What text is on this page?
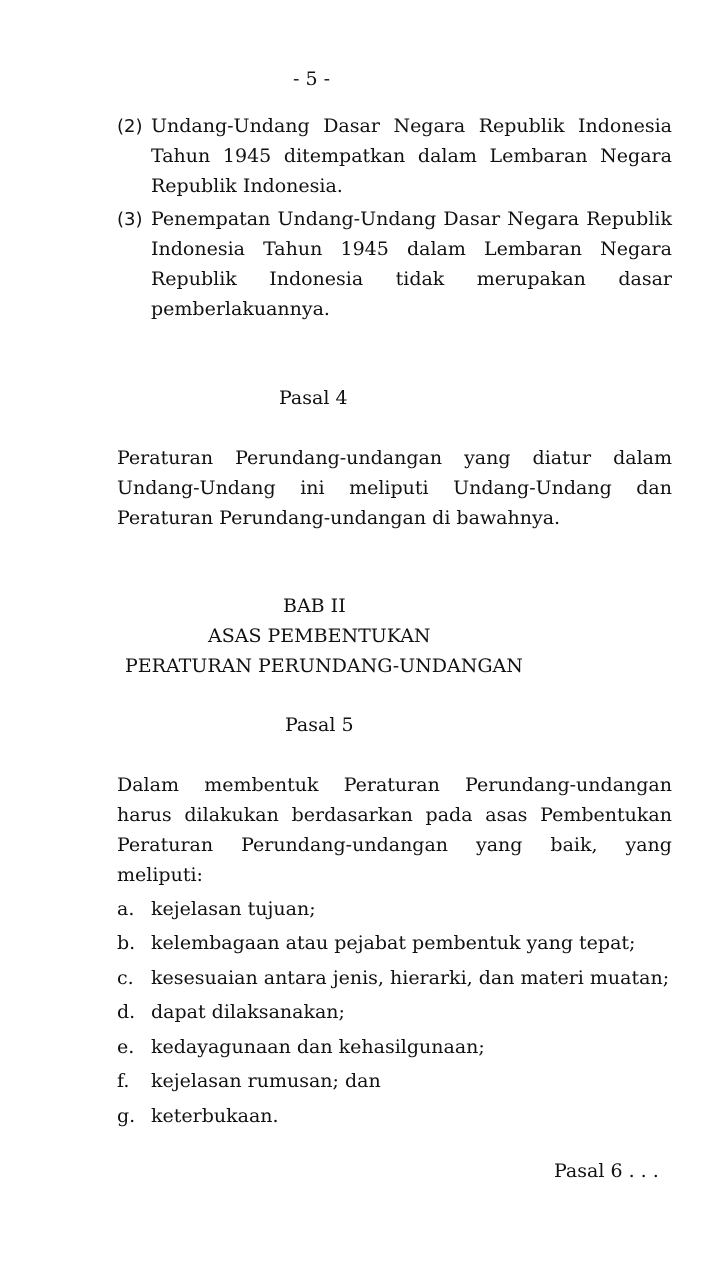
- 5 -
(2) Undang-Undang Dasar Negara Republik Indonesia
Tahun 1945 ditempatkan dalam Lembaran Negara
Republik Indonesia.
(3) Penempatan Undang-Undang Dasar Negara Republik
Indonesia Tahun 1945 dalam Lembaran Negara
Republik Indonesia tidak merupakan dasar
pemberlakuannya.
Pasal 4
Peraturan Perundang-undangan yang diatur dalam
Undang-Undang ini meliputi Undang-Undang dan
Peraturan Perundang-undangan di bawahnya.
BAB II
ASAS PEMBENTUKAN
PERATURAN PERUNDANG-UNDANGAN
Pasal 5
Dalam membentuk Peraturan Perundang-undangan
harus dilakukan berdasarkan pada asas Pembentukan
Peraturan Perundang-undangan yang baik, yang
meliputi:
a. kejelasan tujuan;
b. kelembagaan atau pejabat pembentuk yang tepat;
c. kesesuaian antara jenis, hierarki, dan materi muatan;
d. dapat dilaksanakan;
e. kedayagunaan dan kehasilgunaan;
f. kejelasan rumusan; dan
g. keterbukaan.
Pasal 6 . . .
